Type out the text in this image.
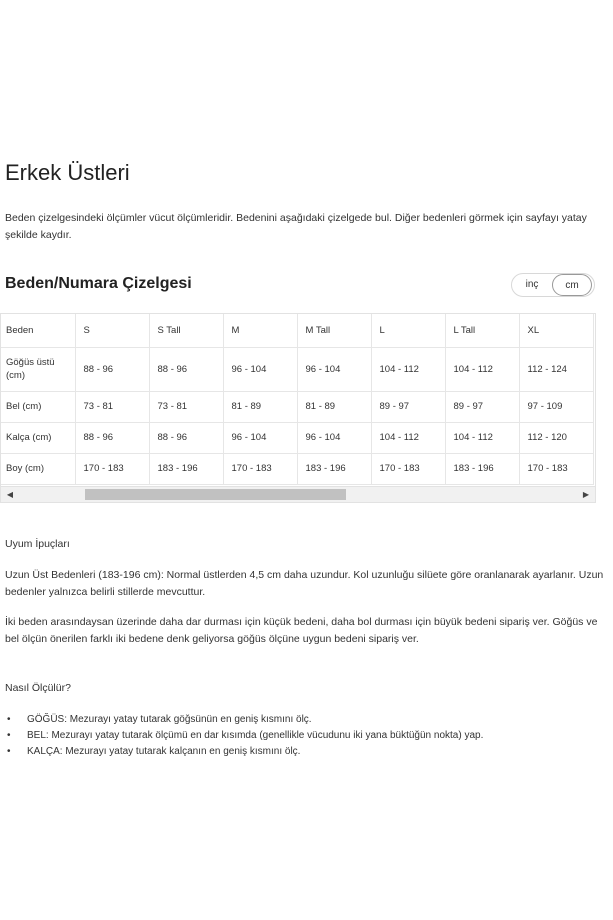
Erkek Üstleri

Beden çizelgesindeki ölçümler vücut ölçümleridir. Bedenini aşağıdaki çizelgede bul. Diğer bedenleri görmek için sayfayı yatay şekilde kaydır.

Beden/Numara Çizelgesi	inç	cm
Beden	S	S Tall	M	M Tall	L	L Tall	XL
Göğüs üstü (cm)	88 - 96	88 - 96	96 - 104	96 - 104	104 - 112	104 - 112	112 - 124
Bel (cm)	73 - 81	73 - 81	81 - 89	81 - 89	89 - 97	89 - 97	97 - 109
Kalça (cm)	88 - 96	88 - 96	96 - 104	96 - 104	104 - 112	104 - 112	112 - 120
Boy (cm)	170 - 183	183 - 196	170 - 183	183 - 196	170 - 183	183 - 196	170 - 183
◀	▶

Uyum İpuçları

Uzun Üst Bedenleri (183-196 cm): Normal üstlerden 4,5 cm daha uzundur. Kol uzunluğu silüete göre oranlanarak ayarlanır. Uzun bedenler yalnızca belirli stillerde mevcuttur.

İki beden arasındaysan üzerinde daha dar durması için küçük bedeni, daha bol durması için büyük bedeni sipariş ver. Göğüs ve bel ölçün önerilen farklı iki bedene denk geliyorsa göğüs ölçüne uygun bedeni sipariş ver.

Nasıl Ölçülür?

• GÖĞÜS: Mezurayı yatay tutarak göğsünün en geniş kısmını ölç.
• BEL: Mezurayı yatay tutarak ölçümü en dar kısımda (genellikle vücudunu iki yana büktüğün nokta) yap.
• KALÇA: Mezurayı yatay tutarak kalçanın en geniş kısmını ölç.
